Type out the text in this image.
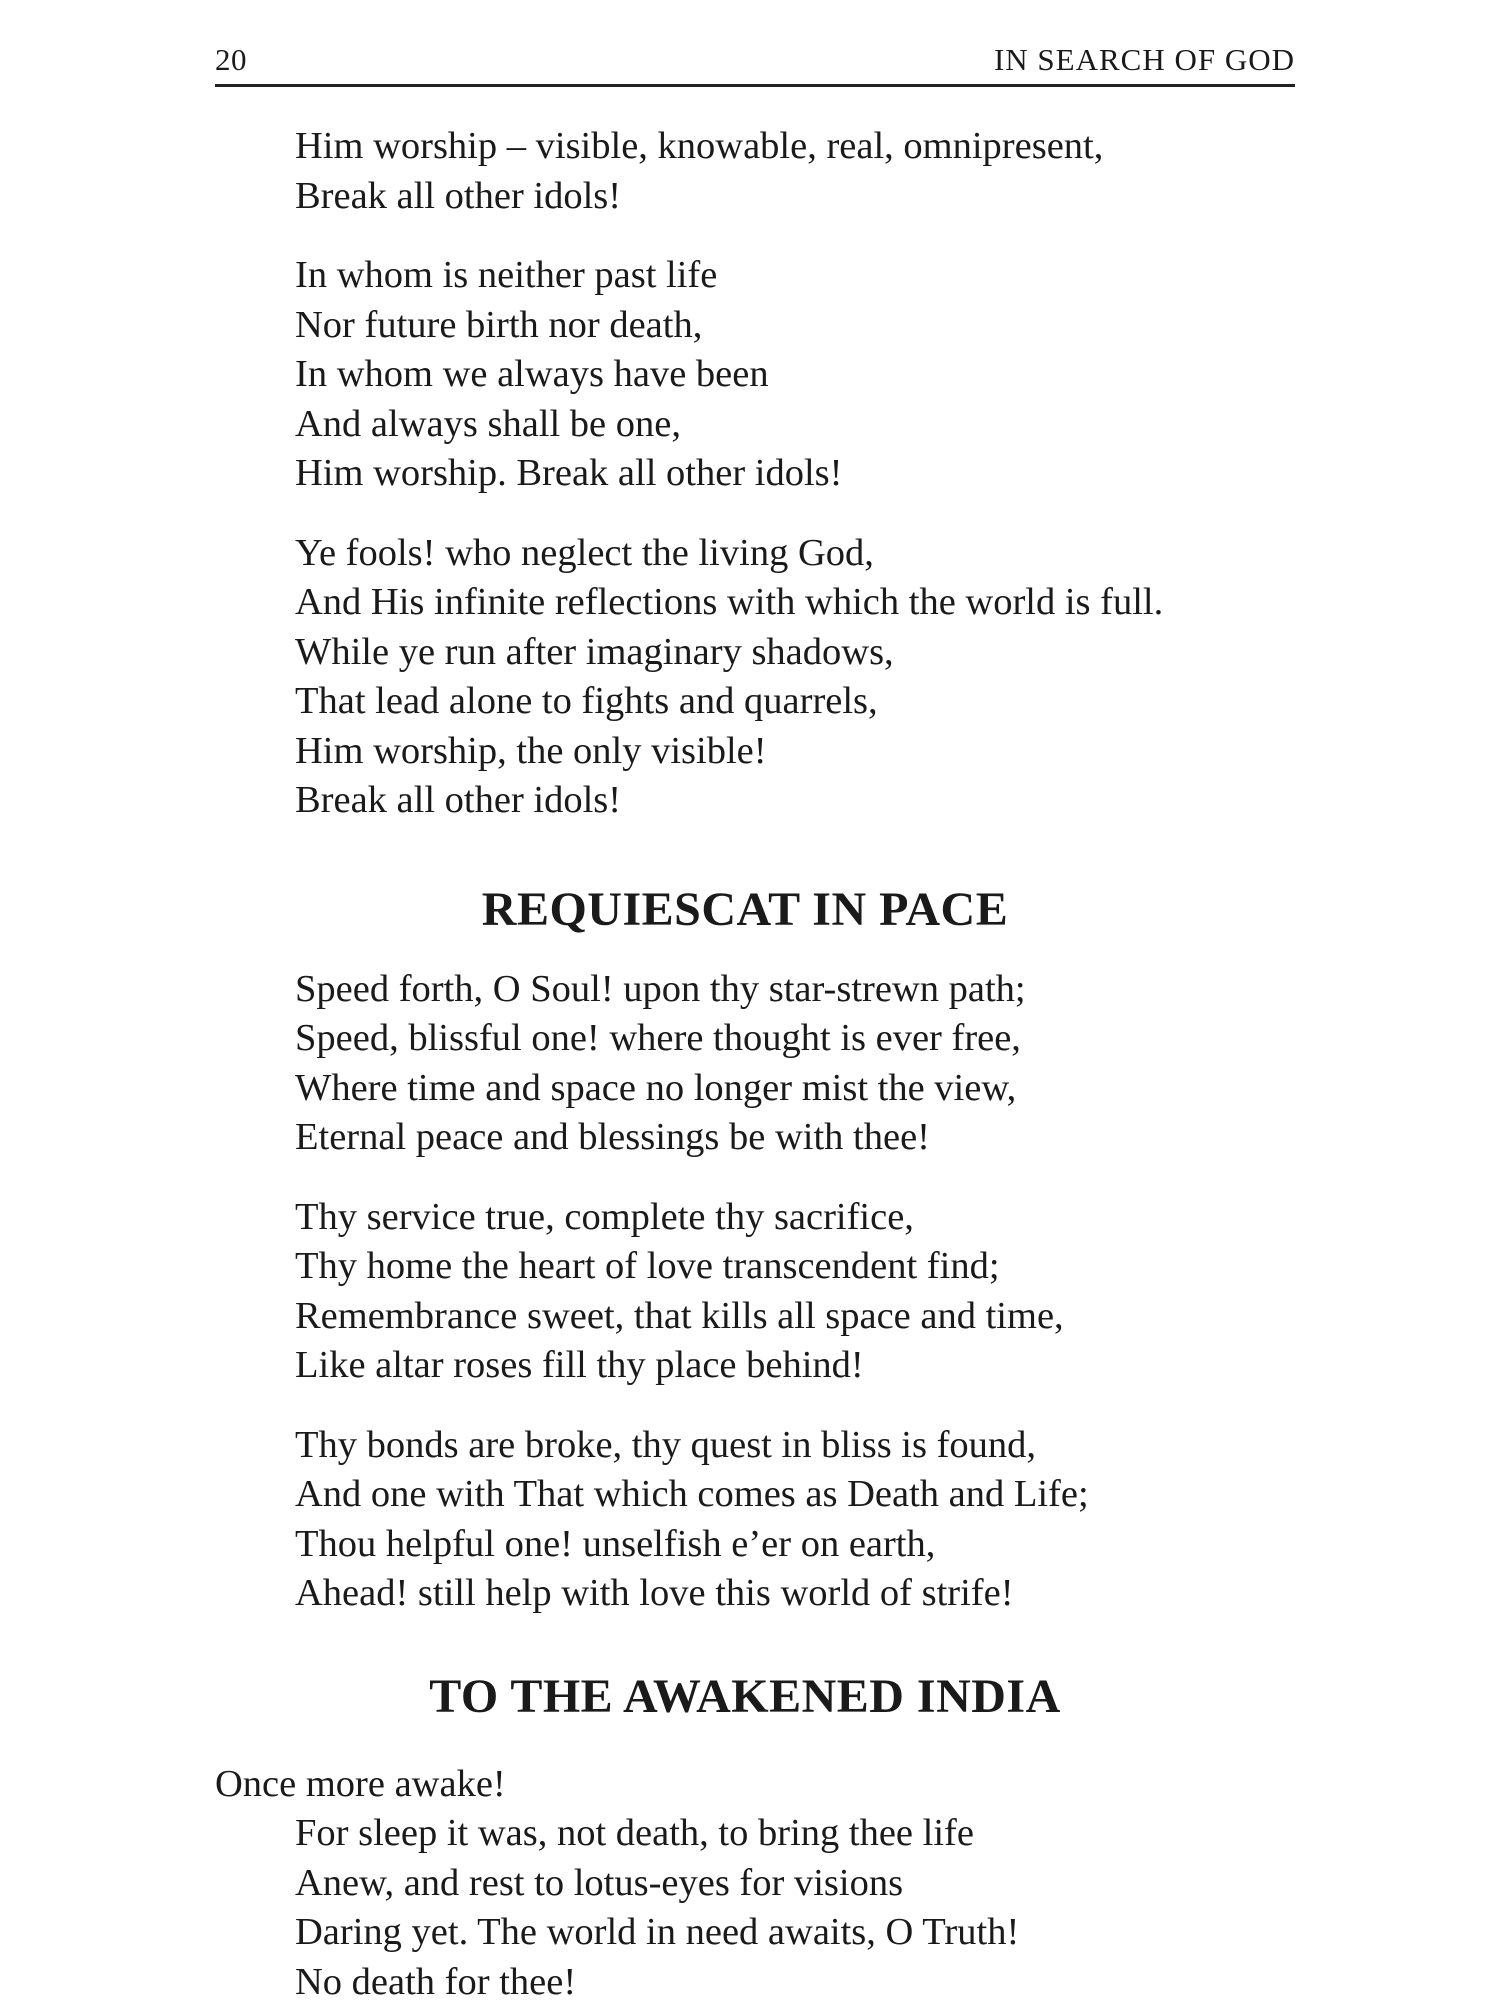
20	IN SEARCH OF GOD
Him worship – visible, knowable, real, omnipresent,
Break all other idols!
In whom is neither past life
Nor future birth nor death,
In whom we always have been
And always shall be one,
Him worship. Break all other idols!
Ye fools! who neglect the living God,
And His infinite reflections with which the world is full.
While ye run after imaginary shadows,
That lead alone to fights and quarrels,
Him worship, the only visible!
Break all other idols!
REQUIESCAT IN PACE
Speed forth, O Soul! upon thy star-strewn path;
Speed, blissful one! where thought is ever free,
Where time and space no longer mist the view,
Eternal peace and blessings be with thee!
Thy service true, complete thy sacrifice,
Thy home the heart of love transcendent find;
Remembrance sweet, that kills all space and time,
Like altar roses fill thy place behind!
Thy bonds are broke, thy quest in bliss is found,
And one with That which comes as Death and Life;
Thou helpful one! unselfish e’er on earth,
Ahead! still help with love this world of strife!
TO THE AWAKENED INDIA
Once more awake!
For sleep it was, not death, to bring thee life
Anew, and rest to lotus-eyes for visions
Daring yet. The world in need awaits, O Truth!
No death for thee!
